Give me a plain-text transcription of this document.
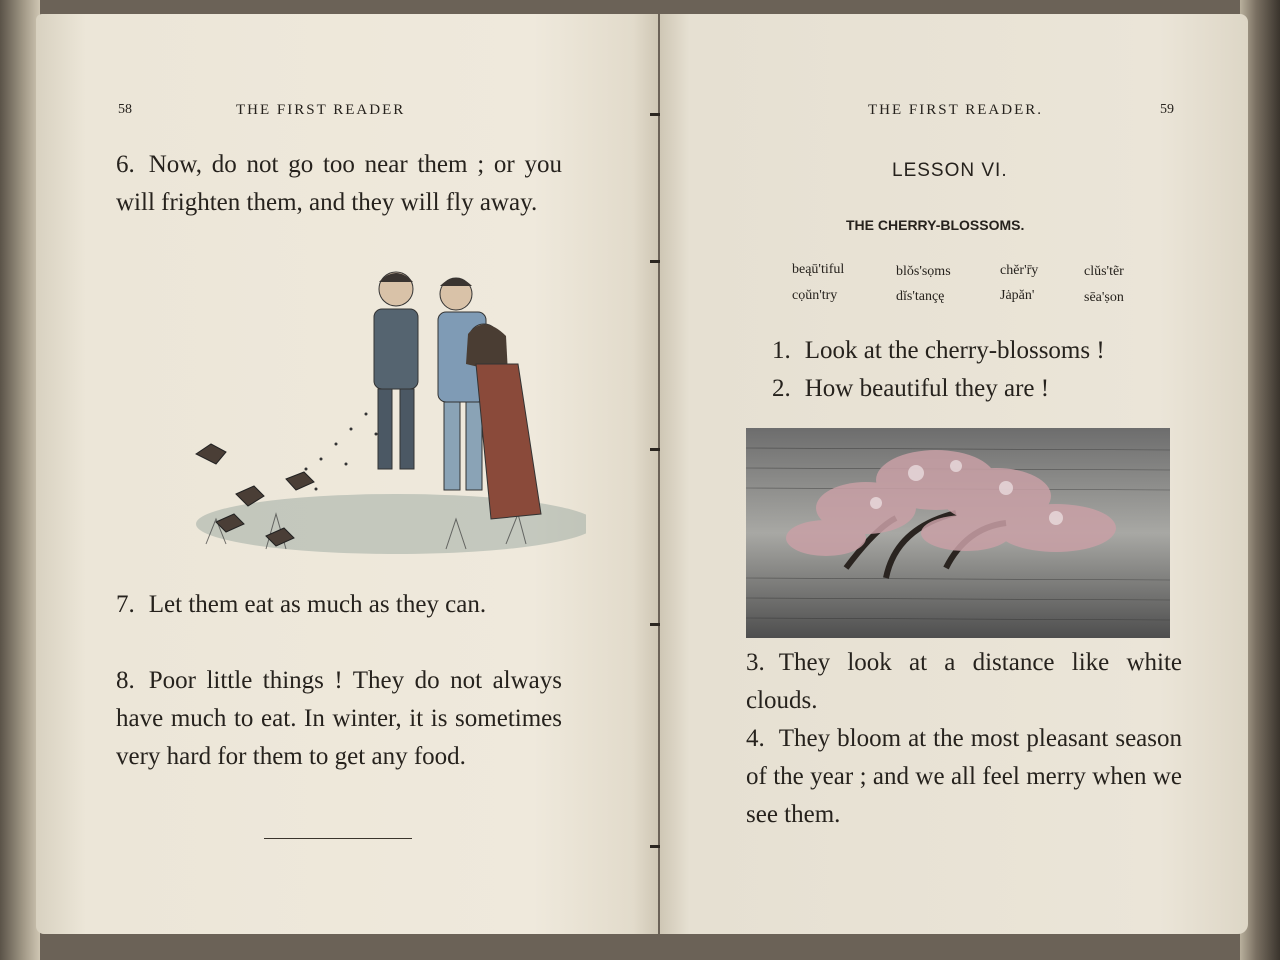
58	THE FIRST READER
6. Now, do not go too near them ; or you will frighten them, and they will fly away.
7. Let them eat as much as they can.
8. Poor little things ! They do not always have much to eat. In winter, it is sometimes very hard for them to get any food.
THE FIRST READER.	59
LESSON VI.
THE CHERRY-BLOSSOMS.
beąū'tiful	blŏs'sọms	chĕr'r̄y	clŭs'tẽr
cọŭn'try	dĭs'tançę	Jȧpăn'	sēa'ṣon
1. Look at the cherry-blossoms !
2. How beautiful they are !
3. They look at a distance like white clouds.
4. They bloom at the most pleasant season of the year ; and we all feel merry when we see them.
